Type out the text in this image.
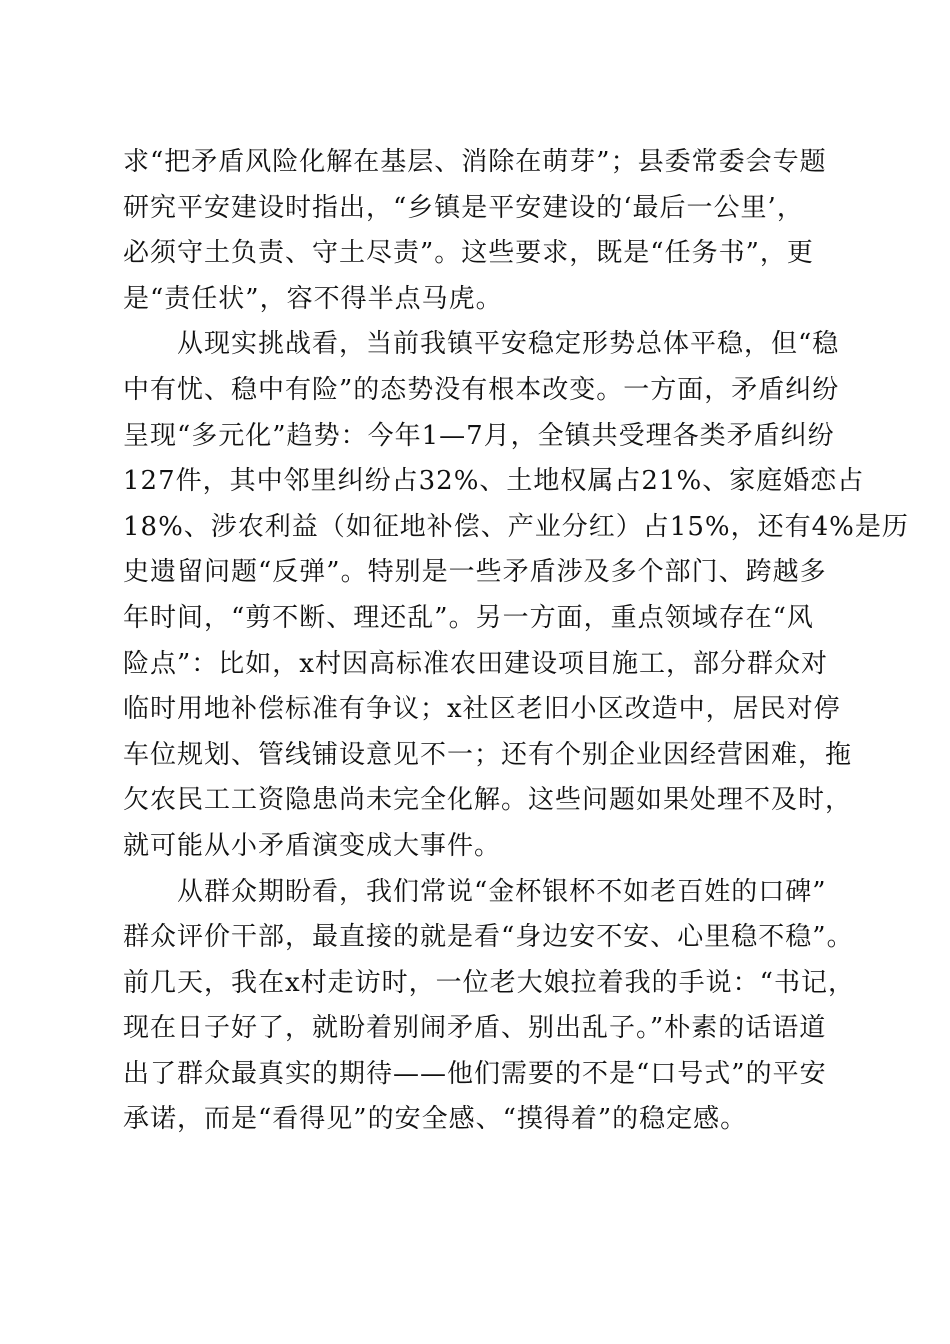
求“把矛盾风险化解在基层、消除在萌芽”；县委常委会专题
研究平安建设时指出，“乡镇是平安建设的‘最后一公里’，
必须守土负责、守土尽责”。这些要求，既是“任务书”，更
是“责任状”，容不得半点马虎。
　　从现实挑战看，当前我镇平安稳定形势总体平稳，但“稳
中有忧、稳中有险”的态势没有根本改变。一方面，矛盾纠纷
呈现“多元化”趋势：今年1—7月，全镇共受理各类矛盾纠纷
127件，其中邻里纠纷占32%、土地权属占21%、家庭婚恋占
18%、涉农利益（如征地补偿、产业分红）占15%，还有4%是历
史遗留问题“反弹”。特别是一些矛盾涉及多个部门、跨越多
年时间，“剪不断、理还乱”。另一方面，重点领域存在“风
险点”：比如，x村因高标准农田建设项目施工，部分群众对
临时用地补偿标准有争议；x社区老旧小区改造中，居民对停
车位规划、管线铺设意见不一；还有个别企业因经营困难，拖
欠农民工工资隐患尚未完全化解。这些问题如果处理不及时，
就可能从小矛盾演变成大事件。
　　从群众期盼看，我们常说“金杯银杯不如老百姓的口碑”
群众评价干部，最直接的就是看“身边安不安、心里稳不稳”。
前几天，我在x村走访时，一位老大娘拉着我的手说：“书记，
现在日子好了，就盼着别闹矛盾、别出乱子。”朴素的话语道
出了群众最真实的期待——他们需要的不是“口号式”的平安
承诺，而是“看得见”的安全感、“摸得着”的稳定感。
